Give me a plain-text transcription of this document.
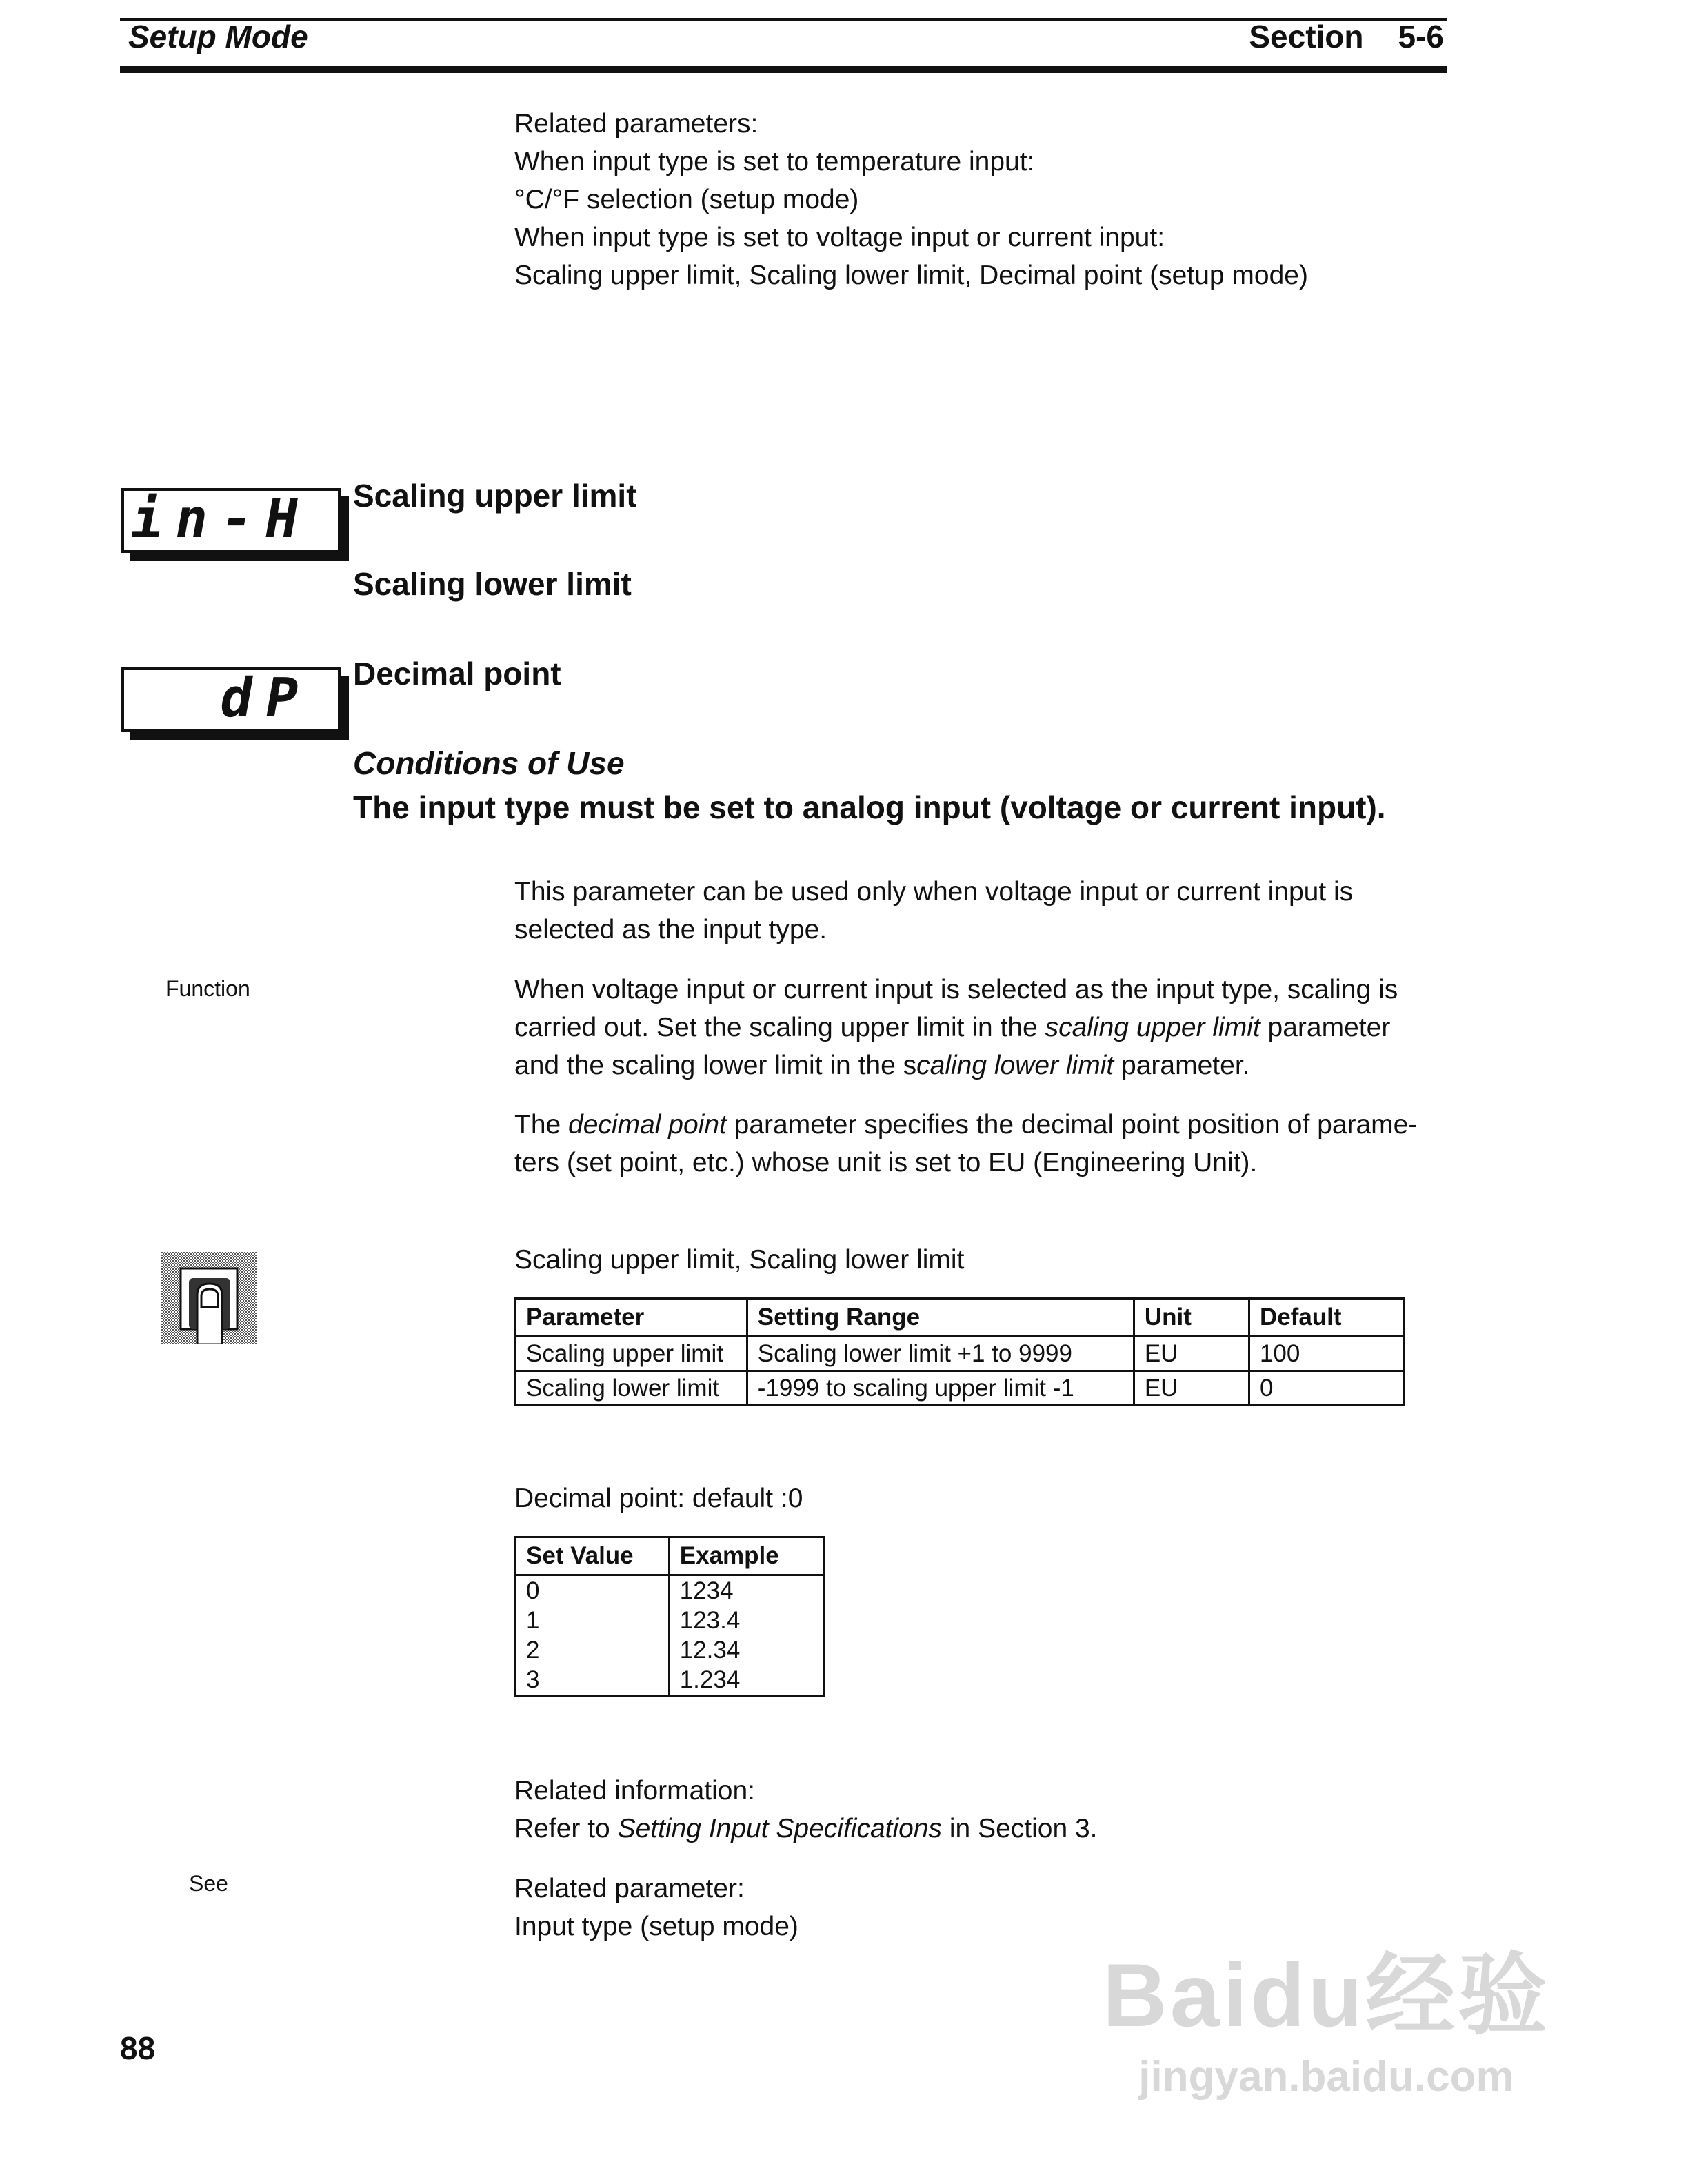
Setup Mode	Section 5-6
Related parameters:
When input type is set to temperature input:
°C/°F selection (setup mode)
When input type is set to voltage input or current input:
Scaling upper limit, Scaling lower limit, Decimal point (setup mode)
in-H Scaling upper limit
Scaling lower limit
dP Decimal point
Conditions of Use
The input type must be set to analog input (voltage or current input).
This parameter can be used only when voltage input or current input is selected as the input type.
Function	When voltage input or current input is selected as the input type, scaling is carried out. Set the scaling upper limit in the scaling upper limit parameter and the scaling lower limit in the scaling lower limit parameter.
The decimal point parameter specifies the decimal point position of parame-ters (set point, etc.) whose unit is set to EU (Engineering Unit).
Scaling upper limit, Scaling lower limit
Parameter	Setting Range	Unit	Default
Scaling upper limit	Scaling lower limit +1 to 9999	EU	100
Scaling lower limit	-1999 to scaling upper limit -1	EU	0
Decimal point: default :0
Set Value	Example
0	1234
1	123.4
2	12.34
3	1.234
Related information:
Refer to Setting Input Specifications in Section 3.
See	Related parameter:
Input type (setup mode)
88
Baidu经验
jingyan.baidu.com
